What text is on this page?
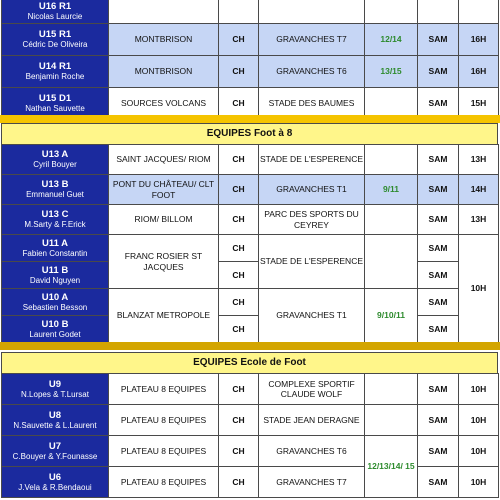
U16 R1
Nicolas Laurcie						

U15 R1
Cédric De Oliveira	MONTBRISON	CH	GRAVANCHES T7	12/14	SAM	16H

U14 R1
Benjamin Roche	MONTBRISON	CH	GRAVANCHES T6	13/15	SAM	16H

U15 D1
Nathan Sauvette	SOURCES VOLCANS	CH	STADE DES BAUMES		SAM	15H
EQUIPES Foot à 8
U13 A
Cyril Bouyer	SAINT JACQUES/ RIOM	CH	STADE DE L'ESPERENCE		SAM	13H

U13 B
Emmanuel Guet	PONT DU CHÂTEAU/ CLT FOOT	CH	GRAVANCHES T1	9/11	SAM	14H

U13 C
M.Sarty & F.Erick	RIOM/ BILLOM	CH	PARC DES SPORTS DU CEYREY		SAM	13H

U11 A
Fabien Constantin	FRANC ROSIER ST JACQUES	CH	STADE DE L'ESPERENCE		SAM	10H

U11 B
David Nguyen		CH			SAM	

U10 A
Sebastien Besson	BLANZAT METROPOLE	CH	GRAVANCHES T1	9/10/11	SAM	

U10 B
Laurent Godet		CH			SAM	
EQUIPES Ecole de Foot
U9
N.Lopes & T.Lursat	PLATEAU 8 EQUIPES	CH	COMPLEXE SPORTIF CLAUDE WOLF		SAM	10H

U8
N.Sauvette & L.Laurent	PLATEAU 8 EQUIPES	CH	STADE JEAN DERAGNE		SAM	10H

U7
C.Bouyer & Y.Founasse	PLATEAU 8 EQUIPES	CH	GRAVANCHES T6	12/13/14/ 15	SAM	10H

U6
J.Vela & R.Bendaoui	PLATEAU 8 EQUIPES	CH	GRAVANCHES T7		SAM	10H
